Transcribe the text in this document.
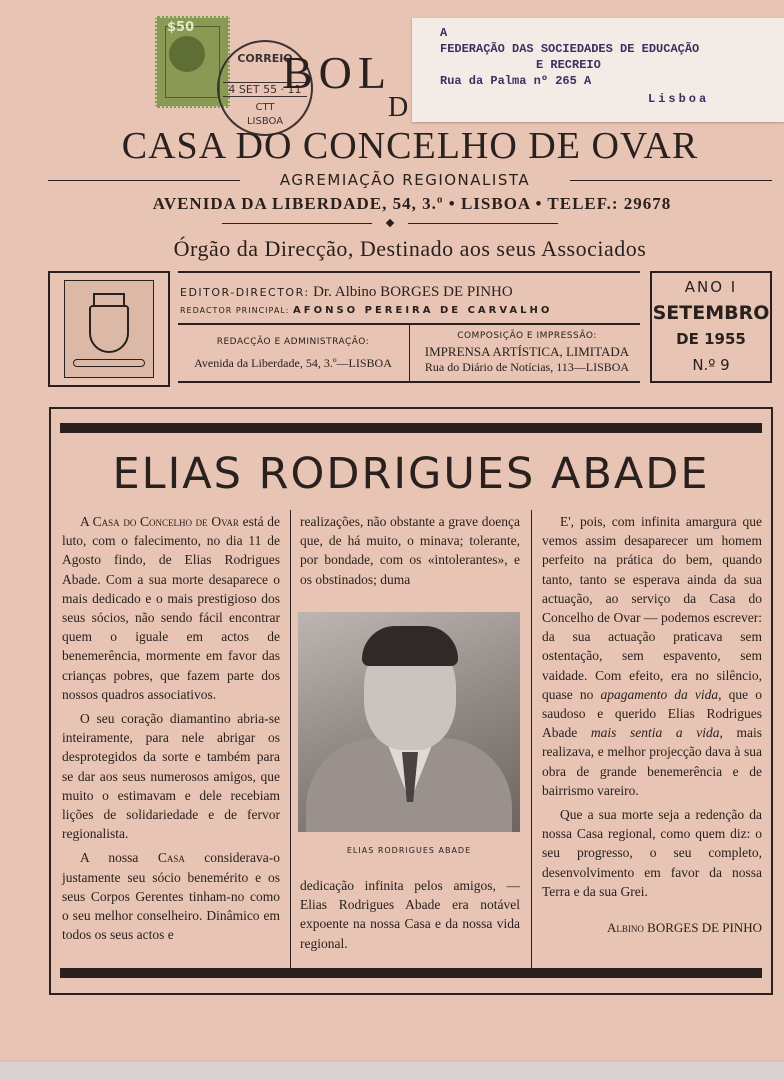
$50
CORREIO
4 SET 55 · 11
CTT
LISBOA
BOL
D
A
FEDERAÇÃO DAS SOCIEDADES DE EDUCAÇÃO
E RECREIO
Rua da Palma nº 265 A
Lisboa
CASA DO CONCELHO DE OVAR
AGREMIAÇÃO REGIONALISTA
AVENIDA DA LIBERDADE, 54, 3.º • LISBOA • TELEF.: 29678
Órgão da Direcção, Destinado aos seus Associados
EDITOR-DIRECTOR: Dr. Albino BORGES DE PINHO
REDACTOR PRINCIPAL: AFONSO PEREIRA DE CARVALHO
REDACÇÃO E ADMINISTRAÇÃO:
Avenida da Liberdade, 54, 3.º—LISBOA
COMPOSIÇÃO E IMPRESSÃO:
IMPRENSA ARTÍSTICA, LIMITADA
Rua do Diário de Notícias, 113—LISBOA
ANO I
SETEMBRO
DE 1955
N.º 9
ELIAS RODRIGUES ABADE

A Casa do Concelho de Ovar está de luto, com o falecimento, no dia 11 de Agosto findo, de Elias Rodrigues Abade. Com a sua morte desaparece o mais dedicado e o mais prestigioso dos seus sócios, não sendo fácil encontrar quem o iguale em actos de benemerência, mormente em favor das crianças pobres, que fazem parte dos nossos quadros associativos.

O seu coração diamantino abria-se inteiramente, para nele abrigar os desprotegidos da sorte e também para se dar aos seus numerosos amigos, que muito o estimavam e dele recebiam lições de solidariedade e de fervor regionalista.

A nossa Casa considerava-o justamente seu sócio benemérito e os seus Corpos Gerentes tinham-no como o seu melhor conselheiro. Dinâmico em todos os seus actos e

realizações, não obstante a grave doença que, de há muito, o minava; tolerante, por bondade, com os «intolerantes», e os obstinados; duma

ELIAS RODRIGUES ABADE

dedicação infinita pelos amigos, — Elias Rodrigues Abade era notável expoente na nossa Casa e da nossa vida regional.

E', pois, com infinita amargura que vemos assim desaparecer um homem perfeito na prática do bem, quando tanto, tanto se esperava ainda da sua actuação, ao serviço da Casa do Concelho de Ovar — podemos escrever: da sua actuação praticava sem ostentação, sem espavento, sem vaidade. Com efeito, era no silêncio, quase no apagamento da vida, que o saudoso e querido Elias Rodrigues Abade mais sentia a vida, mais realizava, e melhor projecção dava à sua obra de grande benemerência e de bairrismo vareiro.

Que a sua morte seja a redenção da nossa Casa regional, como quem diz: o seu progresso, o seu completo, desenvolvimento em favor da nossa Terra e da sua Grei.

Albino BORGES DE PINHO
